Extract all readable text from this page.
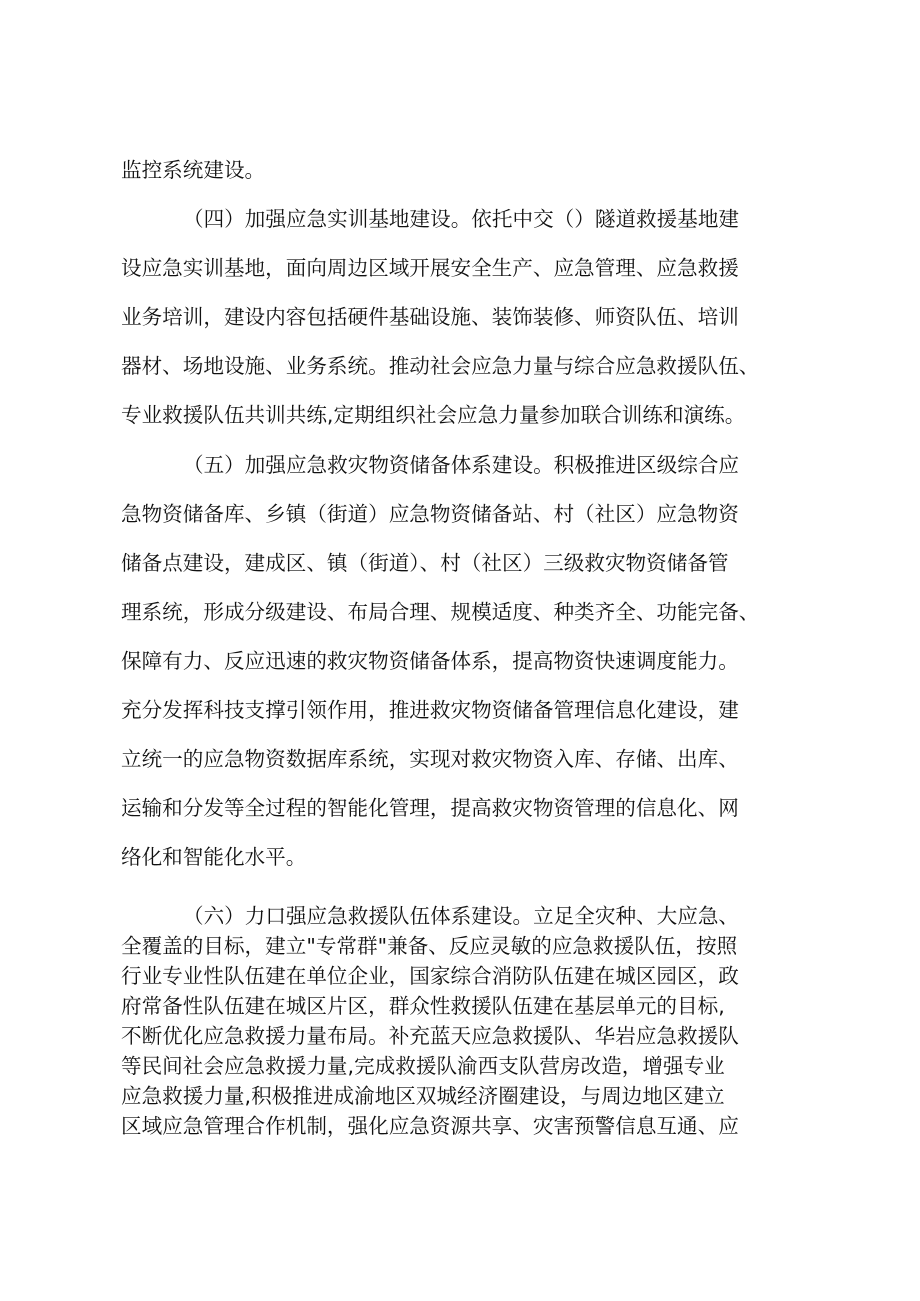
监控系统建设。

（四）加强应急实训基地建设。依托中交（）隧道救援基地建

设应急实训基地，面向周边区域开展安全生产、应急管理、应急救援

业务培训，建设内容包括硬件基础设施、装饰装修、师资队伍、培训

器材、场地设施、业务系统。推动社会应急力量与综合应急救援队伍、

专业救援队伍共训共练,定期组织社会应急力量参加联合训练和演练。

（五）加强应急救灾物资储备体系建设。积极推进区级综合应

急物资储备库、乡镇（街道）应急物资储备站、村（社区）应急物资

储备点建设，建成区、镇（街道）、村（社区）三级救灾物资储备管

理系统，形成分级建设、布局合理、规模适度、种类齐全、功能完备、

保障有力、反应迅速的救灾物资储备体系，提高物资快速调度能力。

充分发挥科技支撑引领作用，推进救灾物资储备管理信息化建设，建

立统一的应急物资数据库系统，实现对救灾物资入库、存储、出库、

运输和分发等全过程的智能化管理，提高救灾物资管理的信息化、网

络化和智能化水平。

（六）力口强应急救援队伍体系建设。立足全灾种、大应急、

全覆盖的目标，建立"专常群"兼备、反应灵敏的应急救援队伍，按照

行业专业性队伍建在单位企业，国家综合消防队伍建在城区园区，政

府常备性队伍建在城区片区，群众性救援队伍建在基层单元的目标,

不断优化应急救援力量布局。补充蓝天应急救援队、华岩应急救援队

等民间社会应急救援力量,完成救援队渝西支队营房改造，增强专业

应急救援力量,积极推进成渝地区双城经济圈建设，与周边地区建立

区域应急管理合作机制，强化应急资源共享、灾害预警信息互通、应
